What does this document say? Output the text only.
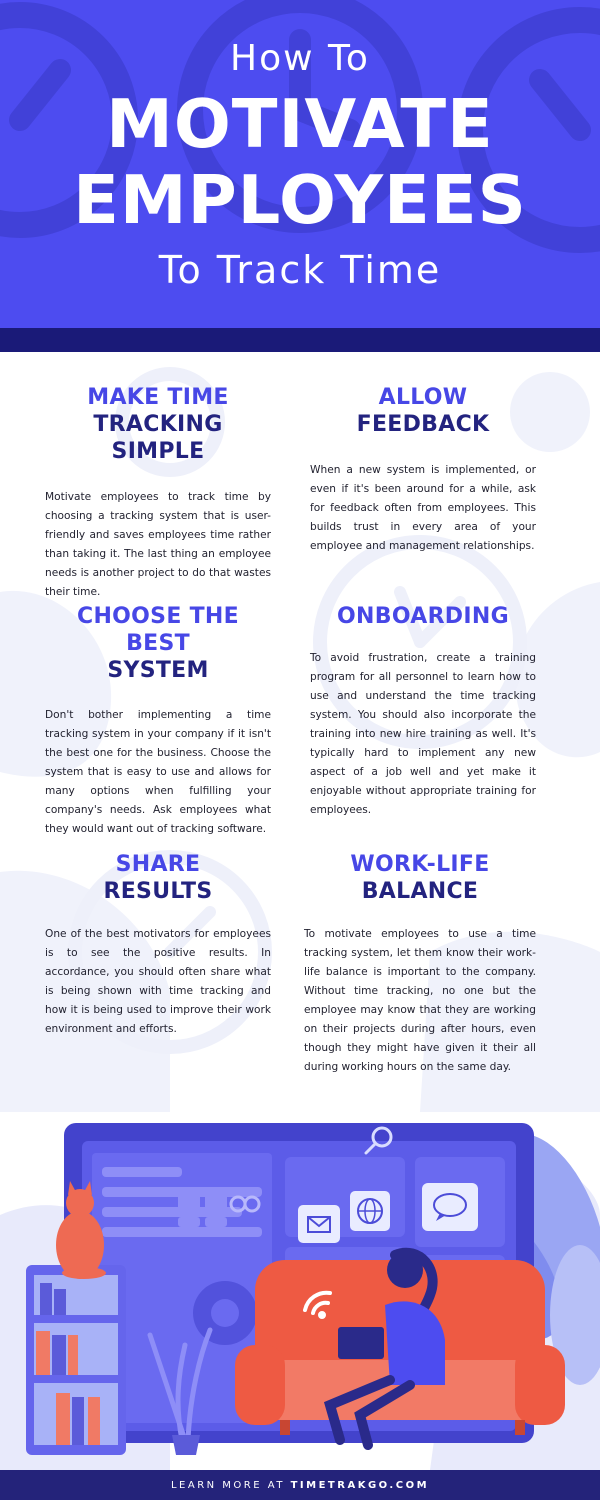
How To
MOTIVATE
EMPLOYEES
To Track Time
MAKE TIME
TRACKING SIMPLE

Motivate employees to track time by choosing a tracking system that is user-friendly and saves employees time rather than taking it. The last thing an employee needs is another project to do that wastes their time.

ALLOW
FEEDBACK

When a new system is implemented, or even if it's been around for a while, ask for feedback often from employees. This builds trust in every area of your employee and management relationships.

CHOOSE THE BEST
SYSTEM

Don't bother implementing a time tracking system in your company if it isn't the best one for the business. Choose the system that is easy to use and allows for many options when fulfilling your company's needs. Ask employees what they would want out of tracking software.

ONBOARDING

To avoid frustration, create a training program for all personnel to learn how to use and understand the time tracking system. You should also incorporate the training into new hire training as well. It's typically hard to implement any new aspect of a job well and yet make it enjoyable without appropriate training for employees.

SHARE
RESULTS

One of the best motivators for employees is to see the positive results. In accordance, you should often share what is being shown with time tracking and how it is being used to improve their work environment and efforts.

WORK-LIFE
BALANCE

To motivate employees to use a time tracking system, let them know their work-life balance is important to the company. Without time tracking, no one but the employee may know that they are working on their projects during after hours, even though they might have given it their all during working hours on the same day.

LEARN MORE AT TIMETRAKGO.COM
